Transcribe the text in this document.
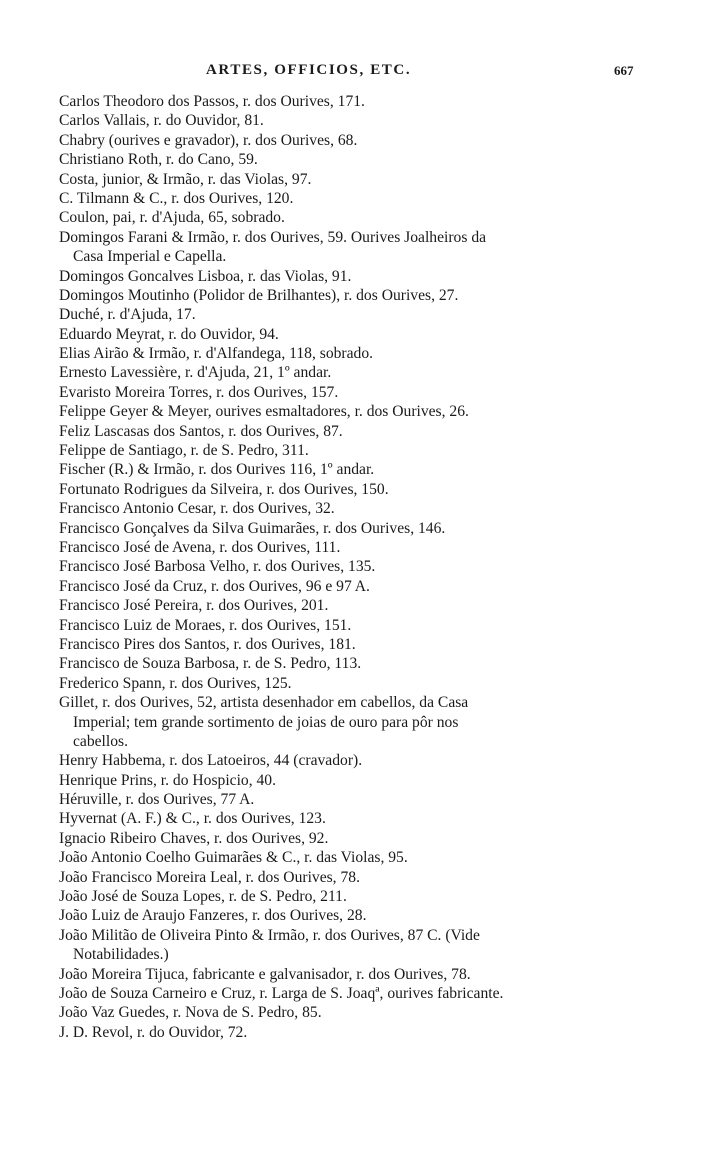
ARTES, OFFICIOS, ETC.	667
Carlos Theodoro dos Passos, r. dos Ourives, 171.
Carlos Vallais, r. do Ouvidor, 81.
Chabry (ourives e gravador), r. dos Ourives, 68.
Christiano Roth, r. do Cano, 59.
Costa, junior, & Irmão, r. das Violas, 97.
C. Tilmann & C., r. dos Ourives, 120.
Coulon, pai, r. d'Ajuda, 65, sobrado.
Domingos Farani & Irmão, r. dos Ourives, 59. Ourives Joalheiros da
Casa Imperial e Capella.
Domingos Goncalves Lisboa, r. das Violas, 91.
Domingos Moutinho (Polidor de Brilhantes), r. dos Ourives, 27.
Duché, r. d'Ajuda, 17.
Eduardo Meyrat, r. do Ouvidor, 94.
Elias Airão & Irmão, r. d'Alfandega, 118, sobrado.
Ernesto Lavessière, r. d'Ajuda, 21, 1º andar.
Evaristo Moreira Torres, r. dos Ourives, 157.
Felippe Geyer & Meyer, ourives esmaltadores, r. dos Ourives, 26.
Feliz Lascasas dos Santos, r. dos Ourives, 87.
Felippe de Santiago, r. de S. Pedro, 311.
Fischer (R.) & Irmão, r. dos Ourives 116, 1º andar.
Fortunato Rodrigues da Silveira, r. dos Ourives, 150.
Francisco Antonio Cesar, r. dos Ourives, 32.
Francisco Gonçalves da Silva Guimarães, r. dos Ourives, 146.
Francisco José de Avena, r. dos Ourives, 111.
Francisco José Barbosa Velho, r. dos Ourives, 135.
Francisco José da Cruz, r. dos Ourives, 96 e 97 A.
Francisco José Pereira, r. dos Ourives, 201.
Francisco Luiz de Moraes, r. dos Ourives, 151.
Francisco Pires dos Santos, r. dos Ourives, 181.
Francisco de Souza Barbosa, r. de S. Pedro, 113.
Frederico Spann, r. dos Ourives, 125.
Gillet, r. dos Ourives, 52, artista desenhador em cabellos, da Casa
Imperial; tem grande sortimento de joias de ouro para pôr nos
cabellos.
Henry Habbema, r. dos Latoeiros, 44 (cravador).
Henrique Prins, r. do Hospicio, 40.
Héruville, r. dos Ourives, 77 A.
Hyvernat (A. F.) & C., r. dos Ourives, 123.
Ignacio Ribeiro Chaves, r. dos Ourives, 92.
João Antonio Coelho Guimarães & C., r. das Violas, 95.
João Francisco Moreira Leal, r. dos Ourives, 78.
João José de Souza Lopes, r. de S. Pedro, 211.
João Luiz de Araujo Fanzeres, r. dos Ourives, 28.
João Militão de Oliveira Pinto & Irmão, r. dos Ourives, 87 C. (Vide
Notabilidades.)
João Moreira Tijuca, fabricante e galvanisador, r. dos Ourives, 78.
João de Souza Carneiro e Cruz, r. Larga de S. Joaqª, ourives fabricante.
João Vaz Guedes, r. Nova de S. Pedro, 85.
J. D. Revol, r. do Ouvidor, 72.
